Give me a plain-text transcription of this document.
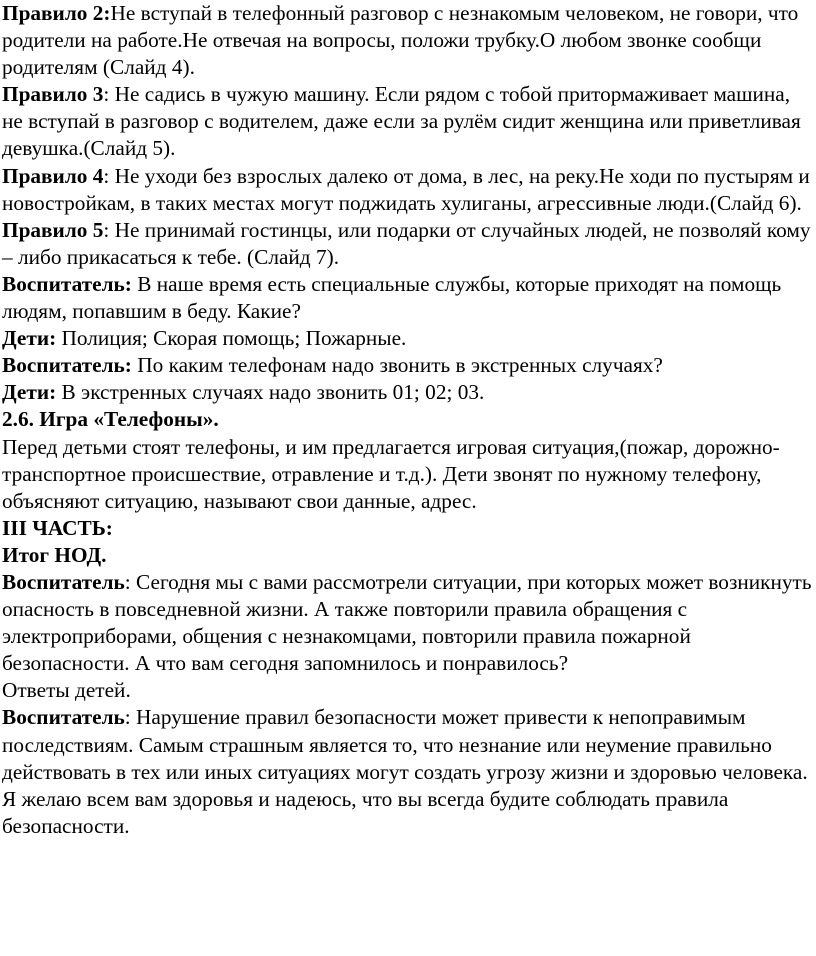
Правило 2:Не вступай в телефонный разговор с незнакомым человеком, не говори, что родители на работе.Не отвечая на вопросы, положи трубку.О любом звонке сообщи родителям (Слайд 4).

Правило 3: Не садись в чужую машину. Если рядом с тобой притормаживает машина, не вступай в разговор с водителем, даже если за рулём сидит женщина или приветливая девушка.(Слайд 5).

Правило 4: Не уходи без взрослых далеко от дома, в лес, на реку.Не ходи по пустырям и новостройкам, в таких местах могут поджидать хулиганы, агрессивные люди.(Слайд 6).

Правило 5: Не принимай гостинцы, или подарки от случайных людей, не позволяй кому – либо прикасаться к тебе. (Слайд 7).

Воспитатель: В наше время есть специальные службы, которые приходят на помощь людям, попавшим в беду. Какие?

Дети: Полиция; Скорая помощь; Пожарные.

Воспитатель: По каким телефонам надо звонить в экстренных случаях?

Дети: В экстренных случаях надо звонить 01; 02; 03.

2.6. Игра «Телефоны».

Перед детьми стоят телефоны, и им предлагается игровая ситуация,(пожар, дорожно-транспортное происшествие, отравление и т.д.). Дети звонят по нужному телефону, объясняют ситуацию, называют свои данные, адрес.

III ЧАСТЬ:

Итог НОД.

Воспитатель: Сегодня мы с вами рассмотрели ситуации, при которых может возникнуть опасность в повседневной жизни. А также повторили правила обращения с электроприборами, общения с незнакомцами, повторили правила пожарной безопасности. А что вам сегодня запомнилось и понравилось?

Ответы детей.

Воспитатель: Нарушение правил безопасности может привести к непоправимым последствиям. Самым страшным является то, что незнание или неумение правильно действовать в тех или иных ситуациях могут создать угрозу жизни и здоровью человека. Я желаю всем вам здоровья и надеюсь, что вы всегда будите соблюдать правила безопасности.
